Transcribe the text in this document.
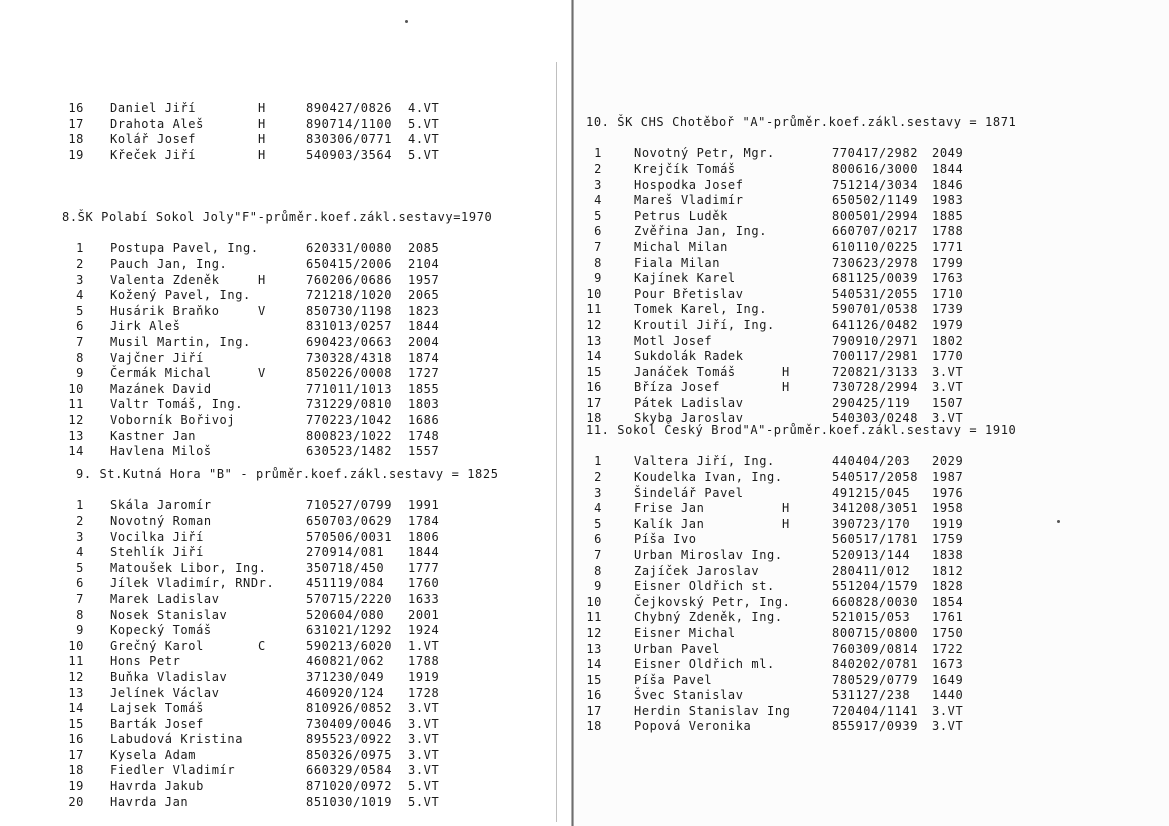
16 Daniel Jiří	H	890427/0826 4.VT
17 Drahota Aleš	H	890714/1100 5.VT
18 Kolář Josef	H	830306/0771 4.VT
19 Křeček Jiří	H	540903/3564 5.VT

8.ŠK Polabí Sokol Joly"F"-průměr.koef.zákl.sestavy=1970

1 Postupa Pavel, Ing.	620331/0080 2085
2 Pauch Jan, Ing.	650415/2006 2104
3 Valenta Zdeněk	H	760206/0686 1957
4 Kožený Pavel, Ing.	721218/1020 2065
5 Husárik Braňko	V	850730/1198 1823
6 Jirk Aleš	831013/0257 1844
7 Musil Martin, Ing.	690423/0663 2004
8 Vajčner Jiří	730328/4318 1874
9 Čermák Michal	V	850226/0008 1727
10 Mazánek David	771011/1013 1855
11 Valtr Tomáš, Ing.	731229/0810 1803
12 Voborník Bořivoj	770223/1042 1686
13 Kastner Jan	800823/1022 1748
14 Havlena Miloš	630523/1482 1557

9. St.Kutná Hora "B" - průměr.koef.zákl.sestavy = 1825

1 Skála Jaromír	710527/0799 1991
2 Novotný Roman	650703/0629 1784
3 Vocilka Jiří	570506/0031 1806
4 Stehlík Jiří	270914/081 1844
5 Matoušek Libor, Ing.	350718/450 1777
6 Jílek Vladimír, RNDr.	451119/084 1760
7 Marek Ladislav	570715/2220 1633
8 Nosek Stanislav	520604/080 2001
9 Kopecký Tomáš	631021/1292 1924
10 Grečný Karol	C	590213/6020 1.VT
11 Hons Petr	460821/062 1788
12 Buňka Vladislav	371230/049 1919
13 Jelínek Václav	460920/124 1728
14 Lajsek Tomáš	810926/0852 3.VT
15 Barták Josef	730409/0046 3.VT
16 Labudová Kristina	895523/0922 3.VT
17 Kysela Adam	850326/0975 3.VT
18 Fiedler Vladimír	660329/0584 3.VT
19 Havrda Jakub	871020/0972 5.VT
20 Havrda Jan	851030/1019 5.VT

10. ŠK CHS Chotěboř "A"-průměr.koef.zákl.sestavy = 1871

1	Novotný Petr, Mgr.	770417/2982 2049
2	Krejčík Tomáš	800616/3000 1844
3	Hospodka Josef	751214/3034 1846
4	Mareš Vladimír	650502/1149 1983
5	Petrus Luděk	800501/2994 1885
6	Zvěřina Jan, Ing.	660707/0217 1788
7	Michal Milan	610110/0225 1771
8	Fiala Milan	730623/2978 1799
9	Kajínek Karel	681125/0039 1763
10	Pour Břetislav	540531/2055 1710
11	Tomek Karel, Ing.	590701/0538 1739
12	Kroutil Jiří, Ing.	641126/0482 1979
13	Motl Josef	790910/2971 1802
14	Sukdolák Radek	700117/2981 1770
15	Janáček Tomáš	H	720821/3133 3.VT
16	Bříza Josef	H	730728/2994 3.VT
17	Pátek Ladislav	290425/119 1507
18	Skyba Jaroslav	540303/0248 3.VT

11. Sokol Český Brod"A"-průměr.koef.zákl.sestavy = 1910

1	Valtera Jiří, Ing.	440404/203 2029
2	Koudelka Ivan, Ing.	540517/2058 1987
3	Šindelář Pavel	491215/045 1976
4	Frise Jan	H	341208/3051 1958
5	Kalík Jan	H	390723/170 1919
6	Píša Ivo	560517/1781 1759
7	Urban Miroslav Ing.	520913/144 1838
8	Zajíček Jaroslav	280411/012 1812
9	Eisner Oldřich st.	551204/1579 1828
10	Čejkovský Petr, Ing.	660828/0030 1854
11	Chybný Zdeněk, Ing.	521015/053 1761
12	Eisner Michal	800715/0800 1750
13	Urban Pavel	760309/0814 1722
14	Eisner Oldřich ml.	840202/0781 1673
15	Píša Pavel	780529/0779 1649
16	Švec Stanislav	531127/238 1440
17	Herdin Stanislav Ing	720404/1141 3.VT
18	Popová Veronika	855917/0939 3.VT
